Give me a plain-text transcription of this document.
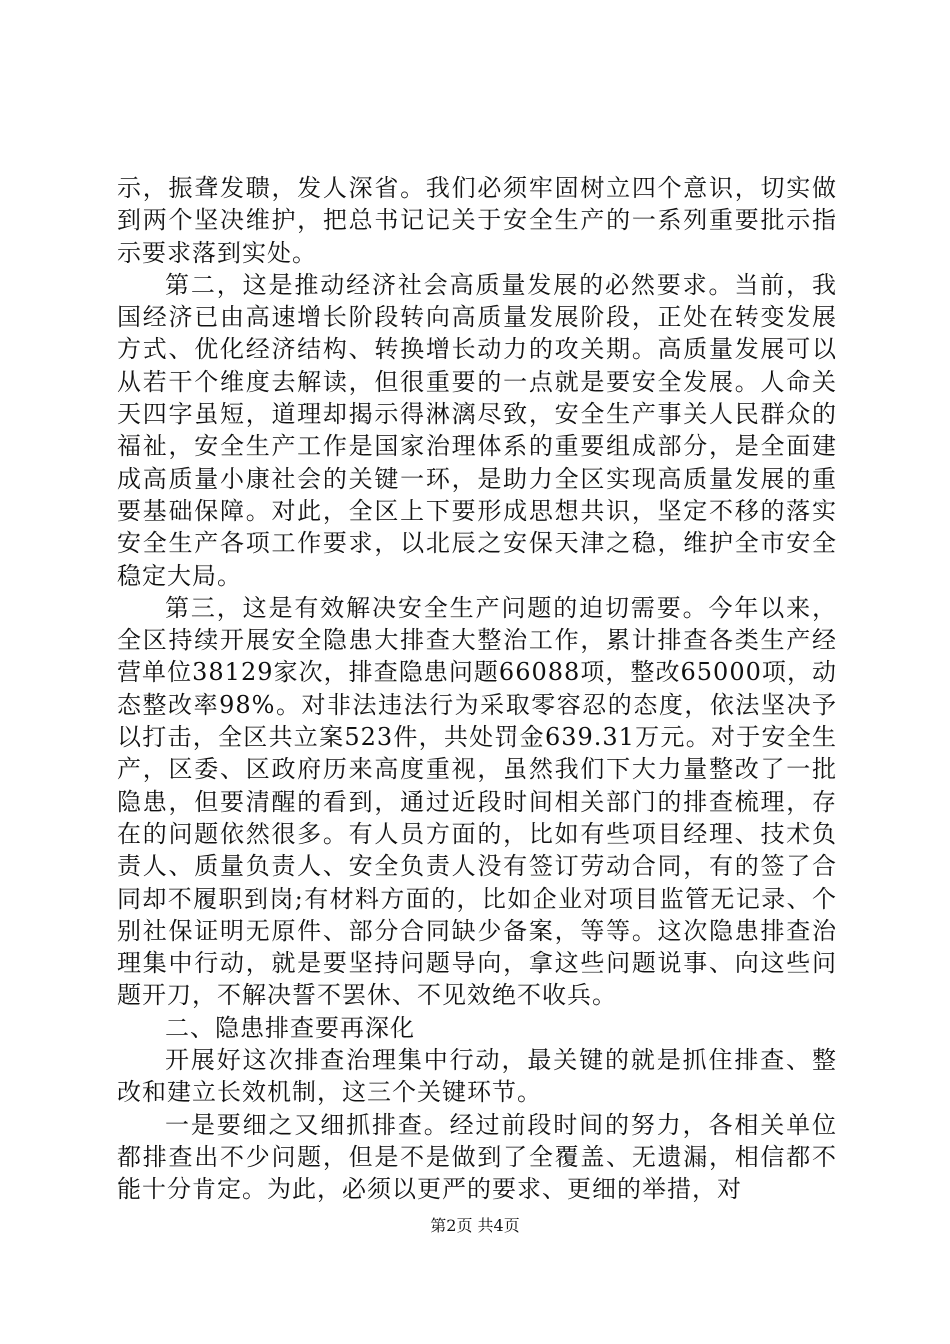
示，振聋发聩，发人深省。我们必须牢固树立四个意识，切实做到两个坚决维护，把总书记记关于安全生产的一系列重要批示指示要求落到实处。

第二，这是推动经济社会高质量发展的必然要求。当前，我国经济已由高速增长阶段转向高质量发展阶段，正处在转变发展方式、优化经济结构、转换增长动力的攻关期。高质量发展可以从若干个维度去解读，但很重要的一点就是要安全发展。人命关天四字虽短，道理却揭示得淋漓尽致，安全生产事关人民群众的福祉，安全生产工作是国家治理体系的重要组成部分，是全面建成高质量小康社会的关键一环，是助力全区实现高质量发展的重要基础保障。对此，全区上下要形成思想共识，坚定不移的落实安全生产各项工作要求，以北辰之安保天津之稳，维护全市安全稳定大局。

第三，这是有效解决安全生产问题的迫切需要。今年以来，全区持续开展安全隐患大排查大整治工作，累计排查各类生产经营单位38129家次，排查隐患问题66088项，整改65000项，动态整改率98%。对非法违法行为采取零容忍的态度，依法坚决予以打击，全区共立案523件，共处罚金639.31万元。对于安全生产，区委、区政府历来高度重视，虽然我们下大力量整改了一批隐患，但要清醒的看到，通过近段时间相关部门的排查梳理，存在的问题依然很多。有人员方面的，比如有些项目经理、技术负责人、质量负责人、安全负责人没有签订劳动合同，有的签了合同却不履职到岗;有材料方面的，比如企业对项目监管无记录、个别社保证明无原件、部分合同缺少备案，等等。这次隐患排查治理集中行动，就是要坚持问题导向，拿这些问题说事、向这些问题开刀，不解决誓不罢休、不见效绝不收兵。

二、隐患排查要再深化

开展好这次排查治理集中行动，最关键的就是抓住排查、整改和建立长效机制，这三个关键环节。

一是要细之又细抓排查。经过前段时间的努力，各相关单位都排查出不少问题，但是不是做到了全覆盖、无遗漏，相信都不能十分肯定。为此，必须以更严的要求、更细的举措，对

第2页 共4页
